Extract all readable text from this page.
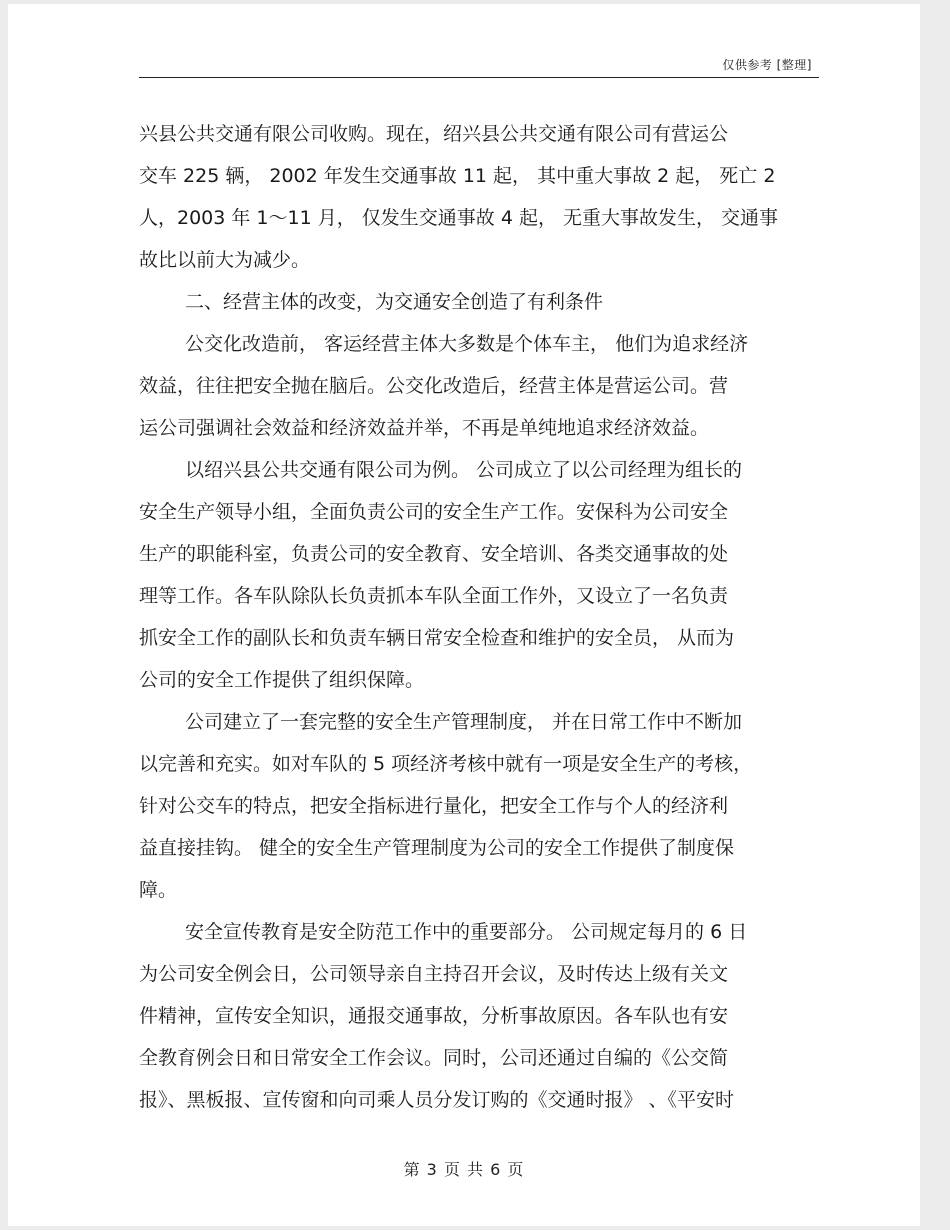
仅供参考 [整理]
兴县公共交通有限公司收购。现在，绍兴县公共交通有限公司有营运公
交车 225 辆， 2002 年发生交通事故 11 起， 其中重大事故 2 起， 死亡 2
人，2003 年 1～11 月， 仅发生交通事故 4 起， 无重大事故发生， 交通事
故比以前大为减少。
二、经营主体的改变，为交通安全创造了有利条件
公交化改造前， 客运经营主体大多数是个体车主， 他们为追求经济
效益，往往把安全抛在脑后。公交化改造后，经营主体是营运公司。营
运公司强调社会效益和经济效益并举，不再是单纯地追求经济效益。
以绍兴县公共交通有限公司为例。 公司成立了以公司经理为组长的
安全生产领导小组，全面负责公司的安全生产工作。安保科为公司安全
生产的职能科室，负责公司的安全教育、安全培训、各类交通事故的处
理等工作。各车队除队长负责抓本车队全面工作外，又设立了一名负责
抓安全工作的副队长和负责车辆日常安全检查和维护的安全员， 从而为
公司的安全工作提供了组织保障。
公司建立了一套完整的安全生产管理制度， 并在日常工作中不断加
以完善和充实。如对车队的 5 项经济考核中就有一项是安全生产的考核，
针对公交车的特点，把安全指标进行量化，把安全工作与个人的经济利
益直接挂钩。 健全的安全生产管理制度为公司的安全工作提供了制度保
障。
安全宣传教育是安全防范工作中的重要部分。 公司规定每月的 6 日
为公司安全例会日，公司领导亲自主持召开会议，及时传达上级有关文
件精神，宣传安全知识，通报交通事故，分析事故原因。各车队也有安
全教育例会日和日常安全工作会议。同时，公司还通过自编的《公交简
报》、黑板报、宣传窗和向司乘人员分发订购的《交通时报》 、《平安时
第 3 页 共 6 页
